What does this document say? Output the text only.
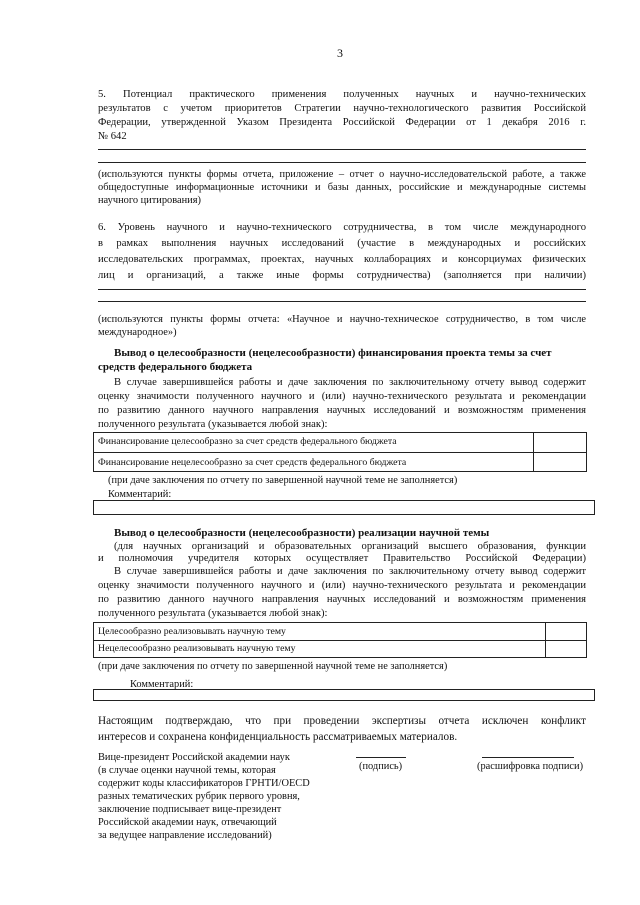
3
5. Потенциал практического применения полученных научных и научно-технических
результатов с учетом приоритетов Стратегии научно-технологического развития Российской
Федерации, утвержденной Указом Президента Российской Федерации от 1 декабря 2016 г.
№ 642
(используются пункты формы отчета, приложение – отчет о научно-исследовательской работе, а также
общедоступные информационные источники и базы данных, российские и международные системы
научного цитирования)
6. Уровень научного и научно-технического сотрудничества, в том числе международного
в рамках выполнения научных исследований (участие в международных и российских
исследовательских программах, проектах, научных коллаборациях и консорциумах физических
лиц и организаций, а также иные формы сотрудничества) (заполняется при наличии)
(используются пункты формы отчета: «Научное и научно-техническое сотрудничество, в том числе
международное»)
Вывод о целесообразности (нецелесообразности) финансирования проекта темы за счет
средств федерального бюджета
В случае завершившейся работы и даче заключения по заключительному отчету вывод содержит
оценку значимости полученного научного и (или) научно-технического результата и рекомендации
по развитию данного научного направления научных исследований и возможностям применения
полученного результата (указывается любой знак):
Финансирование целесообразно за счет средств федерального бюджета
Финансирование нецелесообразно за счет средств федерального бюджета
(при даче заключения по отчету по завершенной научной теме не заполняется)
Комментарий:
Вывод о целесообразности (нецелесообразности) реализации научной темы
(для научных организаций и образовательных организаций высшего образования, функции
и полномочия учредителя которых осуществляет Правительство Российской Федерации)
В случае завершившейся работы и даче заключения по заключительному отчету вывод содержит
оценку значимости полученного научного и (или) научно-технического результата и рекомендации
по развитию данного научного направления научных исследований и возможностям применения
полученного результата (указывается любой знак):
Целесообразно реализовывать научную тему
Нецелесообразно реализовывать научную тему
(при даче заключения по отчету по завершенной научной теме не заполняется)
Комментарий:
Настоящим подтверждаю, что при проведении экспертизы отчета исключен конфликт
интересов и сохранена конфиденциальность рассматриваемых материалов.
Вице-президент Российской академии наук
(в случае оценки научной темы, которая
содержит коды классификаторов ГРНТИ/OECD
разных тематических рубрик первого уровня,
заключение подписывает вице-президент
Российской академии наук, отвечающий
за ведущее направление исследований)
(подпись)	(расшифровка подписи)
